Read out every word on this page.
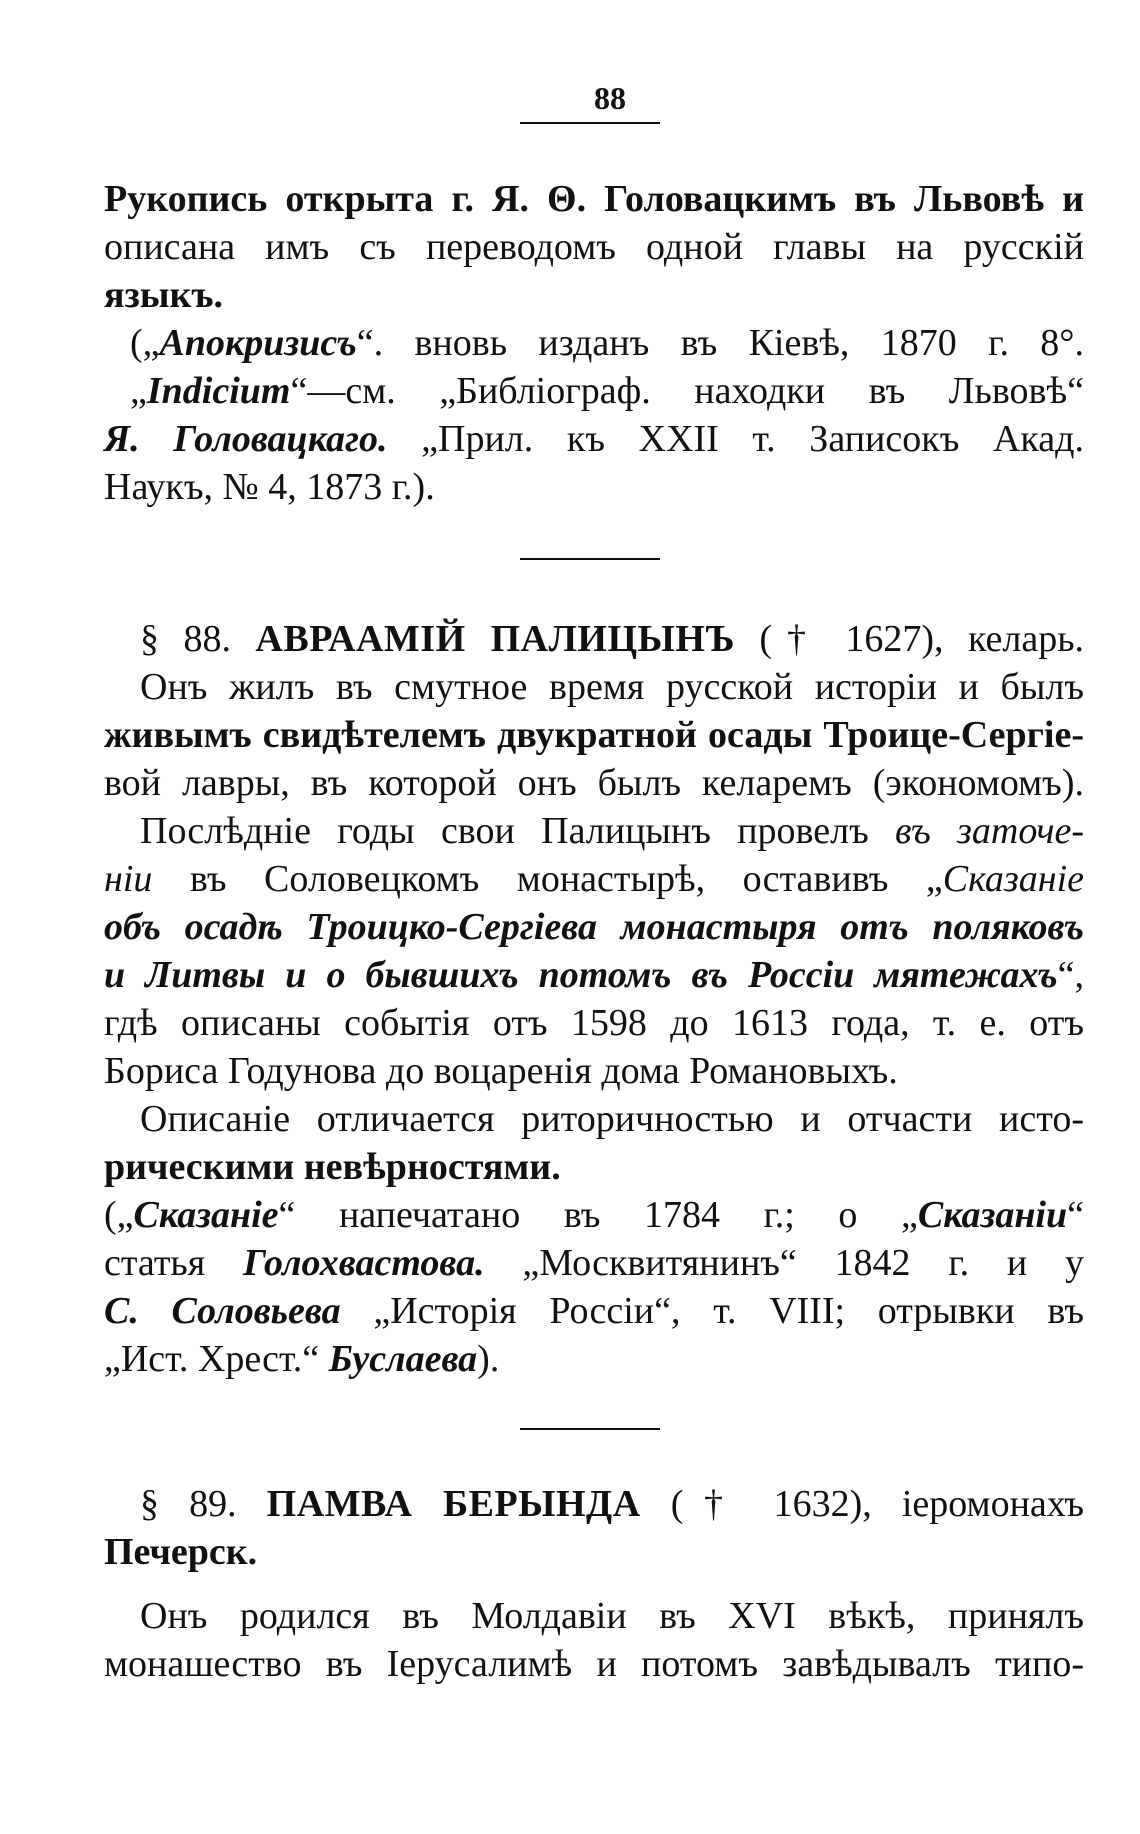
88
Рукопись открыта г. Я. Θ. Головацкимъ въ Львовѣ и
описана имъ съ переводомъ одной главы на русскій
языкъ.
(„Апокризисъ“. вновь изданъ въ Кіевѣ, 1870 г. 8°.
„Indicium“—см. „Библіограф. находки въ Львовѣ“
Я. Головацкаго. „Прил. къ XXII т. Записокъ Акад.
Наукъ, № 4, 1873 г.).
§ 88. АВРААМІЙ ПАЛИЦЫНЪ († 1627), келарь.
Онъ жилъ въ смутное время русской исторіи и былъ
живымъ свидѣтелемъ двукратной осады Троице-Сергіе-
вой лавры, въ которой онъ былъ келаремъ (экономомъ).
Послѣдніе годы свои Палицынъ провелъ въ заточе-
ніи въ Соловецкомъ монастырѣ, оставивъ „Сказаніе
объ осадѣ Троицко-Сергіева монастыря отъ поляковъ
и Литвы и о бывшихъ потомъ въ Россіи мятежахъ“,
гдѣ описаны событія отъ 1598 до 1613 года, т. е. отъ
Бориса Годунова до воцаренія дома Романовыхъ.
Описаніе отличается риторичностью и отчасти исто-
рическими невѣрностями.
(„Сказаніе“ напечатано въ 1784 г.; о „Сказаніи“
статья Голохвастова. „Москвитянинъ“ 1842 г. и у
С. Соловьева „Исторія Россіи“, т. VIII; отрывки въ
„Ист. Хрест.“ Буслаева).
§ 89. ПАМВА БЕРЫНДА († 1632), іеромонахъ
Печерск.
Онъ родился въ Молдавіи въ XVI вѣкѣ, принялъ
монашество въ Іерусалимѣ и потомъ завѣдывалъ типо-
